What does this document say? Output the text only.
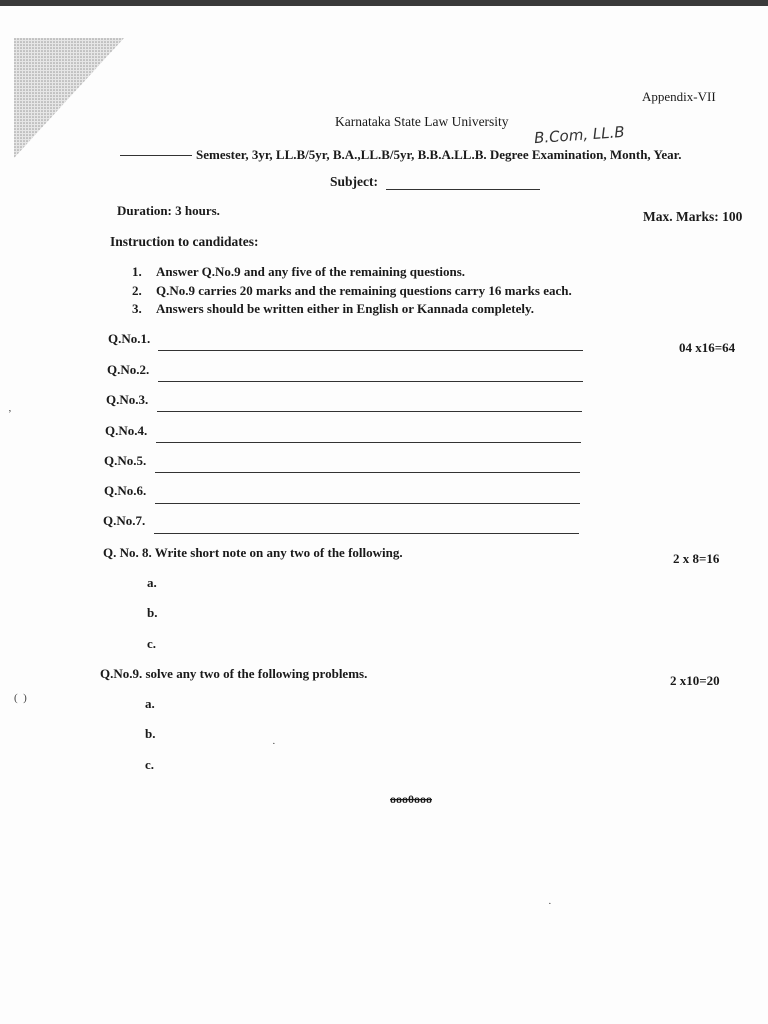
Appendix-VII
Karnataka State Law University
B.Com, LL.B
Semester, 3yr, LL.B/5yr, B.A.,LL.B/5yr, B.B.A.LL.B. Degree Examination, Month, Year.
Subject:
Duration: 3 hours.	Max. Marks: 100
Instruction to candidates:
1. Answer Q.No.9 and any five of the remaining questions.
2. Q.No.9 carries 20 marks and the remaining questions carry 16 marks each.
3. Answers should be written either in English or Kannada completely.
Q.No.1.
04 x16=64
Q.No.2.
Q.No.3.
Q.No.4.
Q.No.5.
Q.No.6.
Q.No.7.
Q. No. 8. Write short note on any two of the following.	2 x 8=16
a.
b.
c.
Q.No.9. solve any two of the following problems.	2 x10=20
a.
b.
c.
ooo0ooo
ʼ
(  )
·
·
